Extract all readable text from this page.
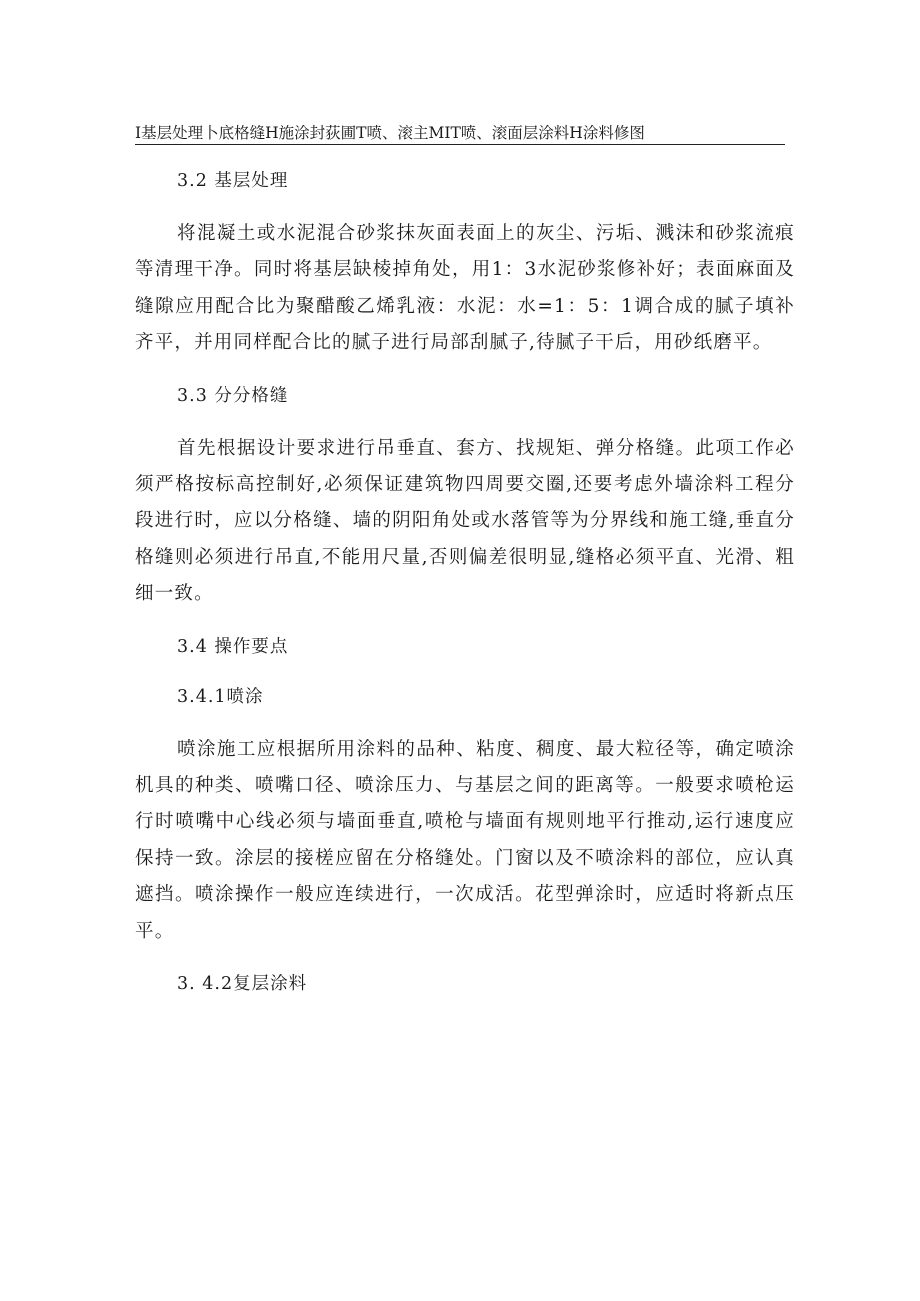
I基层处理卜底格缝H施涂封荻圃T喷、滚主MIT喷、滚面层涂料H涂料修图
3.2 基层处理

将混凝土或水泥混合砂浆抹灰面表面上的灰尘、污垢、溅沫和砂浆流痕等清理干净。同时将基层缺棱掉角处，用1：3水泥砂浆修补好；表面麻面及缝隙应用配合比为聚醋酸乙烯乳液：水泥：水=1：5：1调合成的腻子填补齐平，并用同样配合比的腻子进行局部刮腻子,待腻子干后，用砂纸磨平。

3.3 分分格缝

首先根据设计要求进行吊垂直、套方、找规矩、弹分格缝。此项工作必须严格按标高控制好,必须保证建筑物四周要交圈,还要考虑外墙涂料工程分段进行时，应以分格缝、墙的阴阳角处或水落管等为分界线和施工缝,垂直分格缝则必须进行吊直,不能用尺量,否则偏差很明显,缝格必须平直、光滑、粗细一致。

3.4 操作要点
3.4.1喷涂

喷涂施工应根据所用涂料的品种、粘度、稠度、最大粒径等，确定喷涂机具的种类、喷嘴口径、喷涂压力、与基层之间的距离等。一般要求喷枪运行时喷嘴中心线必须与墙面垂直,喷枪与墙面有规则地平行推动,运行速度应保持一致。涂层的接槎应留在分格缝处。门窗以及不喷涂料的部位，应认真遮挡。喷涂操作一般应连续进行，一次成活。花型弹涂时，应适时将新点压平。

3. 4.2复层涂料
